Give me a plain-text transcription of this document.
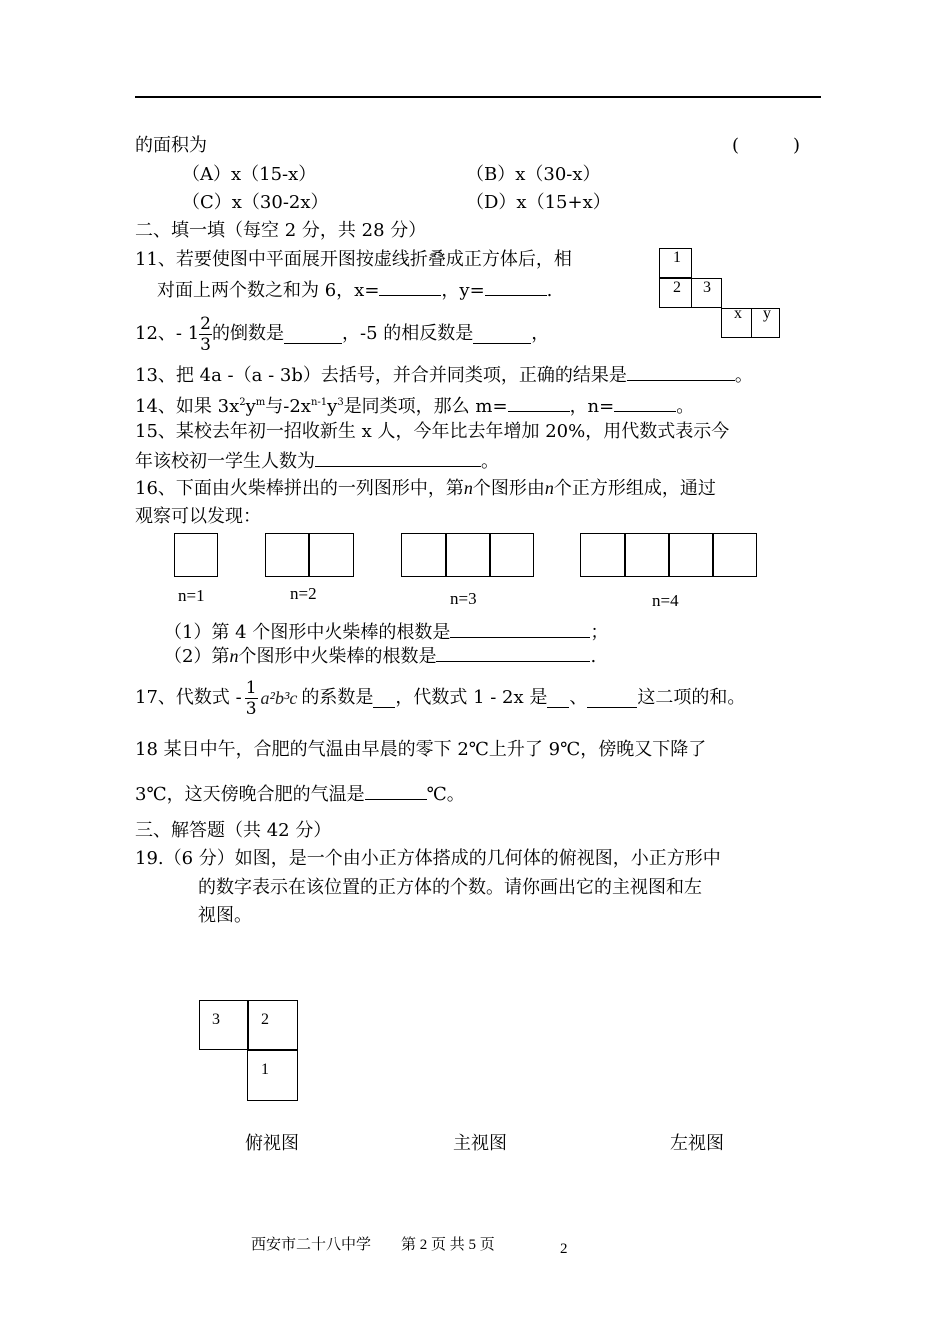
的面积为	(　　　)
（A）x（15-x）	（B）x（30-x）
（C）x（30-2x）	（D）x（15+x）
二、填一填（每空 2 分，共 28 分）
11、若要使图中平面展开图按虚线折叠成正方体后，相
对面上两个数之和为 6，x=	，y=	.
1
2 3
x y
12、- $1 \frac{2}{3}$ 的倒数是	，-5 的相反数是	，
13、把 4a -（a - 3b）去括号，并合并同类项，正确的结果是	。
14、如果 $3x^2y^m$与$-2x^{n-1}y^3$是同类项，那么 m=	，n=	。
15、某校去年初一招收新生 x 人，今年比去年增加 20%，用代数式表示今
年该校初一学生人数为	。
16、下面由火柴棒拼出的一列图形中，第n个图形由n个正方形组成，通过
观察可以发现：
n=1	n=2	n=3	n=4
（1）第 4 个图形中火柴棒的根数是	；
（2）第n个图形中火柴棒的根数是	.
17、代数式 - $\frac{1}{3} a^2b^3c$ 的系数是 ，代数式 1 - 2x 是 、	这二项的和。
18 某日中午，合肥的气温由早晨的零下 2℃上升了 9℃，傍晚又下降了
3℃，这天傍晚合肥的气温是	℃。
三、解答题（共 42 分）
19.（6 分）如图，是一个由小正方体搭成的几何体的俯视图，小正方形中
的数字表示在该位置的正方体的个数。请你画出它的主视图和左
视图。
3	2
1
俯视图	主视图	左视图
西安市二十八中学　　第 2 页 共 5 页	2
